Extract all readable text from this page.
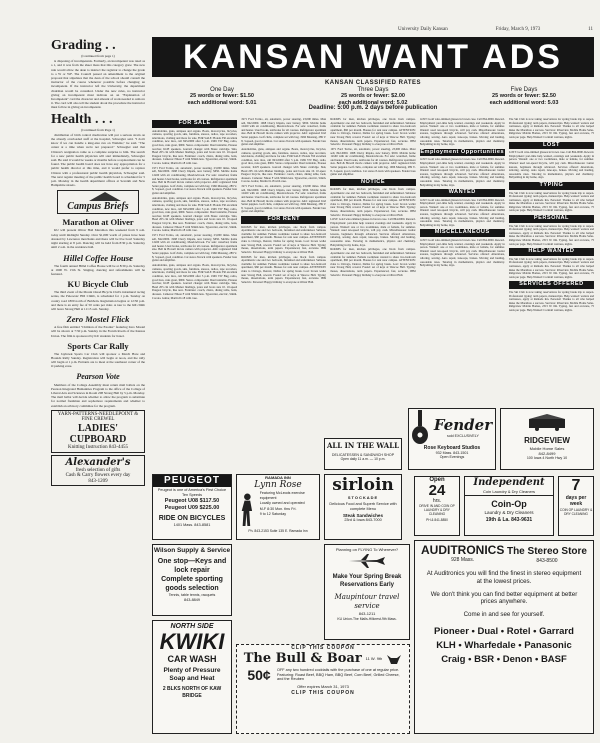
University Daily Kansan	Friday, March 9, 1973	11
Grading . .
(Continued from page 1)

is disposing of incompetents. Formerly, an incompetent was rated as a 1, and it was from the sheer mass that this category grew. The new rule would allow the dean to instruct the registrar to change the grade to a W or WF. The Council passed an amendment to the original proposal that stipulates that the dean of the school should consult the instructor of the course whenever possible before changing an incompetent. If the instructor left the University, the department chairman would be consulted. Under the new rules, no instructor giving an incompetent must indicate on an "Explanation of Incompetent" card the character and amount of work needed to remove it. The card will also tell the student about the procedure the instructor must follow in giving an incompetent.

Health . . .
(Continued from Page 1)

distribution of birth control medication will put a serious strain on the already overloaded staff at the hospital, Schwegler said. "I don't know if we can handle a king-size run on Watkins," he said. "The center at a time when we're not prepared." Schwegler said that Clinton's resignation came as a complete surprise to him. The search for a new public health physician will start immediately, Schwegler said. He said it would be weeks or months before a replacement can be found. The public health board does not have any appropriation for a public health director at this time, and it would prefer to replace Clinton with a professional public health physician, Schwegler said. The next regular meeting of the public health board is scheduled for 5 p.m. Monday in the health department offices at Seventh and New Hampshire streets.

Campus Briefs
Marathon at Oliver

KU will present Oliver Hall Marathon this weekend from 9 a.m. today until midnight Sunday. Over $1,000 worth of prizes have been donated by Lawrence merchants and there will be live bowl Saturday night starting at 8 p.m. Dancing will be held from 8:30 p.m. Saturday until 2 a.m. in the residence hall.

Hillel Coffee House

The fourth annual Hillel Coffee House will be at 8:30 p.m. Saturday at 1600 W. 15th St. Singing, dancing and refreshments will be featured.

KU Bicycle Club

The third event of the Mount Oread Bicycle Club's intramural racing series, the Paleozoic Hill Climb, is scheduled for 1 p.m. Sunday on county road 1800 north of Baldwin. Registration begins at 12:30 p.m. and there is an entry fee of 50 cents per rider. A tour to the hill climb will leave Strong Hall at 11:15 a.m. Sunday.

Zero Mostel Flick

A free film entitled "Children of the Exodus" featuring Zero Mostel will be shown at 7:30 p.m. Sunday in the Forum Room of the Kansas Union. The film is sponsored by KU students for Israel.

Sports Car Rally

The Jayhawk Sports Car Club will sponsor a March Hare and Hounds Rally Sunday. Registration will begin at noon, and the rally will begin at 1 p.m. Entrants are to meet at the southeast corner of the O parking zone.

Pearson Vote

Members of the College Assembly must return mail ballots on the Pearson Integrated Humanities Program to the office of the College of Liberal Arts and Sciences in Room 208 Strong Hall by 5 p.m. Monday. The mail ballot will decide whether to allow the program to substitute for normal freshman and sophomore requirements and whether to establish an advisory committee for the program.

YARN-PATTERNS-NEEDLEPOINT & FINE CREWEL
LADIES'
CUPBOARD
Knitting Instruction 843-4455
Alexander's
fresh selection of gifts
Cash & Carry flowers every day
843-1209
KANSAN WANT ADS
KANSAN CLASSIFIED RATES
One Day
25 words or fewer: $1.50
each additional word: 5.01
Three Days
25 words or fewer: $2.00
each additional word: 5.02
Five Days
25 words or fewer: $2.50
each additional word: 5.03
Deadline: 5:00 p.m. 2 days before publication
FOR SALE

Automobiles, guns, antiques and organs. Boats, motorcycles, bicycles, cameras, sporting goods, skis, furniture, stereos, radios, tape recorders, televisions, clothing and more for sale. FOR SALE: Honda 350 excellent condition, new tires, call 843-0000 after 5 p.m. 1969 VW Bug, radio, good tires, runs great, $900. Stereo components: Dual turntable, Pioneer receiver, KLH speakers. Garrard changer with Shure cartridge. Skis, Head 205 cm with Marker bindings, poles and boots size 10. 10-speed Peugeot bicycle, like new. Furniture: couch, chairs, dining table, beds, dressers. Cameras: Nikon F with 50mm lens. Typewriter, electric, Smith-Corona. Guitar, Martin D-18 with case.

1971 Ford Torino, air, automatic, power steering, 23,000 miles. Must sell, 842-0000. 1968 Chevy Impala, new battery, $650. Mobile home 12x60 with air conditioning, Meadowbrook. For sale: waterbed, frame and heater. Used books, textbooks for all courses. Refrigerator apartment size. Bell & Howell movie camera with projector. AKC registered Irish Setter puppies. Golf clubs, complete set with bag. 1966 Mustang, 289 V-8, 3-speed, good condition. Car stereo 8-track with speakers. Fender bass guitar and amplifier.

Automobiles, guns, antiques and organs. Boats, motorcycles, bicycles, cameras, sporting goods, skis, furniture, stereos, radios, tape recorders, televisions, clothing and more for sale. FOR SALE: Honda 350 excellent condition, new tires, call 843-0000 after 5 p.m. 1969 VW Bug, radio, good tires, runs great, $900. Stereo components: Dual turntable, Pioneer receiver, KLH speakers. Garrard changer with Shure cartridge. Skis, Head 205 cm with Marker bindings, poles and boots size 10. 10-speed Peugeot bicycle, like new. Furniture: couch, chairs, dining table, beds, dressers. Cameras: Nikon F with 50mm lens. Typewriter, electric, Smith-Corona. Guitar, Martin D-18 with case.

1971 Ford Torino, air, automatic, power steering, 23,000 miles. Must sell, 842-0000. 1968 Chevy Impala, new battery, $650. Mobile home 12x60 with air conditioning, Meadowbrook. For sale: waterbed, frame and heater. Used books, textbooks for all courses. Refrigerator apartment size. Bell & Howell movie camera with projector. AKC registered Irish Setter puppies. Golf clubs, complete set with bag. 1966 Mustang, 289 V-8, 3-speed, good condition. Car stereo 8-track with speakers. Fender bass guitar and amplifier.

Automobiles, guns, antiques and organs. Boats, motorcycles, bicycles, cameras, sporting goods, skis, furniture, stereos, radios, tape recorders, televisions, clothing and more for sale. FOR SALE: Honda 350 excellent condition, new tires, call 843-0000 after 5 p.m. 1969 VW Bug, radio, good tires, runs great, $900. Stereo components: Dual turntable, Pioneer receiver, KLH speakers. Garrard changer with Shure cartridge. Skis, Head 205 cm with Marker bindings, poles and boots size 10. 10-speed Peugeot bicycle, like new. Furniture: couch, chairs, dining table, beds, dressers. Cameras: Nikon F with 50mm lens. Typewriter, electric, Smith-Corona. Guitar, Martin D-18 with case.

1971 Ford Torino, air, automatic, power steering, 23,000 miles. Must sell, 842-0000. 1968 Chevy Impala, new battery, $650. Mobile home 12x60 with air conditioning, Meadowbrook. For sale: waterbed, frame and heater. Used books, textbooks for all courses. Refrigerator apartment size. Bell & Howell movie camera with projector. AKC registered Irish Setter puppies. Golf clubs, complete set with bag. 1966 Mustang, 289 V-8, 3-speed, good condition. Car stereo 8-track with speakers. Fender bass guitar and amplifier.

Automobiles, guns, antiques and organs. Boats, motorcycles, bicycles, cameras, sporting goods, skis, furniture, stereos, radios, tape recorders, televisions, clothing and more for sale. FOR SALE: Honda 350 excellent condition, new tires, call 843-0000 after 5 p.m. 1969 VW Bug, radio, good tires, runs great, $900. Stereo components: Dual turntable, Pioneer receiver, KLH speakers. Garrard changer with Shure cartridge. Skis, Head 205 cm with Marker bindings, poles and boots size 10. 10-speed Peugeot bicycle, like new. Furniture: couch, chairs, dining table, beds, dressers. Cameras: Nikon F with 50mm lens. Typewriter, electric, Smith-Corona. Guitar, Martin D-18 with case.

1971 Ford Torino, air, automatic, power steering, 23,000 miles. Must sell, 842-0000. 1968 Chevy Impala, new battery, $650. Mobile home 12x60 with air conditioning, Meadowbrook. For sale: waterbed, frame and heater. Used books, textbooks for all courses. Refrigerator apartment size. Bell & Howell movie camera with projector. AKC registered Irish Setter puppies. Golf clubs, complete set with bag. 1966 Mustang, 289 V-8, 3-speed, good condition. Car stereo 8-track with speakers. Fender bass guitar and amplifier.

FOR RENT

ROOMS for men, kitchen privileges, one block from campus. Apartments: one and two bedroom, furnished and unfurnished. Sublease available for summer. Female roommate wanted to share two-bedroom apartment, $60 per month. Houses for rent near campus. ATTENTION: rides to Chicago, Denver, Dallas for spring break. Lost: brown wallet near Strong Hall, reward. Found: set of keys at Wescoe Hall. Typing: theses, dissertations, term papers. Experienced, fast, accurate. IBM Selectric. Personal: Happy birthday to everyone at Oliver Hall.

ROOMS for men, kitchen privileges, one block from campus. Apartments: one and two bedroom, furnished and unfurnished. Sublease available for summer. Female roommate wanted to share two-bedroom apartment, $60 per month. Houses for rent near campus. ATTENTION: rides to Chicago, Denver, Dallas for spring break. Lost: brown wallet near Strong Hall, reward. Found: set of keys at Wescoe Hall. Typing: theses, dissertations, term papers. Experienced, fast, accurate. IBM Selectric. Personal: Happy birthday to everyone at Oliver Hall.

ROOMS for men, kitchen privileges, one block from campus. Apartments: one and two bedroom, furnished and unfurnished. Sublease available for summer. Female roommate wanted to share two-bedroom apartment, $60 per month. Houses for rent near campus. ATTENTION: rides to Chicago, Denver, Dallas for spring break. Lost: brown wallet near Strong Hall, reward. Found: set of keys at Wescoe Hall. Typing: theses, dissertations, term papers. Experienced, fast, accurate. IBM Selectric. Personal: Happy birthday to everyone at Oliver Hall.

1971 Ford Torino, air, automatic, power steering, 23,000 miles. Must sell, 842-0000. 1968 Chevy Impala, new battery, $650. Mobile home 12x60 with air conditioning, Meadowbrook. For sale: waterbed, frame and heater. Used books, textbooks for all courses. Refrigerator apartment size. Bell & Howell movie camera with projector. AKC registered Irish Setter puppies. Golf clubs, complete set with bag. 1966 Mustang, 289 V-8, 3-speed, good condition. Car stereo 8-track with speakers. Fender bass guitar and amplifier.

NOTICE

ROOMS for men, kitchen privileges, one block from campus. Apartments: one and two bedroom, furnished and unfurnished. Sublease available for summer. Female roommate wanted to share two-bedroom apartment, $60 per month. Houses for rent near campus. ATTENTION: rides to Chicago, Denver, Dallas for spring break. Lost: brown wallet near Strong Hall, reward. Found: set of keys at Wescoe Hall. Typing: theses, dissertations, term papers. Experienced, fast, accurate. IBM Selectric. Personal: Happy birthday to everyone at Oliver Hall.

LOST: Gold wire-rimmed glasses in brown case. Call 864-0000. Reward. Employment: part-time help wanted, evenings and weekends. Apply in person. Wanted: one or two roommates, male or female, for summer. Wanted: used ten-speed bicycle, will pay cash. Miscellaneous: Guitar lessons, beginners through advanced. Services offered: Alterations, tailoring, sewing. Auto repair, tune-ups, brakes. Moving and hauling, reasonable rates. Tutoring in mathematics, physics and chemistry. Babysitting in my home, days.

ROOMS for men, kitchen privileges, one block from campus. Apartments: one and two bedroom, furnished and unfurnished. Sublease available for summer. Female roommate wanted to share two-bedroom apartment, $60 per month. Houses for rent near campus. ATTENTION: rides to Chicago, Denver, Dallas for spring break. Lost: brown wallet near Strong Hall, reward. Found: set of keys at Wescoe Hall. Typing: theses, dissertations, term papers. Experienced, fast, accurate. IBM Selectric. Personal: Happy birthday to everyone at Oliver Hall.

LOST: Gold wire-rimmed glasses in brown case. Call 864-0000. Reward. Employment: part-time help wanted, evenings and weekends. Apply in person. Wanted: one or two roommates, male or female, for summer. Wanted: used ten-speed bicycle, will pay cash. Miscellaneous: Guitar lessons, beginners through advanced. Services offered: Alterations, tailoring, sewing. Auto repair, tune-ups, brakes. Moving and hauling, reasonable rates. Tutoring in mathematics, physics and chemistry. Babysitting in my home, days.

Employment Opportunities

LOST: Gold wire-rimmed glasses in brown case. Call 864-0000. Reward. Employment: part-time help wanted, evenings and weekends. Apply in person. Wanted: one or two roommates, male or female, for summer. Wanted: used ten-speed bicycle, will pay cash. Miscellaneous: Guitar lessons, beginners through advanced. Services offered: Alterations, tailoring, sewing. Auto repair, tune-ups, brakes. Moving and hauling, reasonable rates. Tutoring in mathematics, physics and chemistry. Babysitting in my home, days.

WANTED

LOST: Gold wire-rimmed glasses in brown case. Call 864-0000. Reward. Employment: part-time help wanted, evenings and weekends. Apply in person. Wanted: one or two roommates, male or female, for summer. Wanted: used ten-speed bicycle, will pay cash. Miscellaneous: Guitar lessons, beginners through advanced. Services offered: Alterations, tailoring, sewing. Auto repair, tune-ups, brakes. Moving and hauling, reasonable rates. Tutoring in mathematics, physics and chemistry. Babysitting in my home, days.

MISCELLANEOUS

LOST: Gold wire-rimmed glasses in brown case. Call 864-0000. Reward. Employment: part-time help wanted, evenings and weekends. Apply in person. Wanted: one or two roommates, male or female, for summer. Wanted: used ten-speed bicycle, will pay cash. Miscellaneous: Guitar lessons, beginners through advanced. Services offered: Alterations, tailoring, sewing. Auto repair, tune-ups, brakes. Moving and hauling, reasonable rates. Tutoring in mathematics, physics and chemistry. Babysitting in my home, days.

The Ski Club is now taking reservations for spring break trip to Aspen. Professional typing: term papers, manuscripts. Help wanted: waiters and waitresses, apply at Ramada Inn. Personal: Thanks to all who helped make the Marathon a success. Services: Riverview Mobile Home Sales. Ridgeview Mobile Homes, 2315 W. 6th. Typing, fast and accurate, 75 cents per page. Help Wanted: Cocktail waitress, nights.

LOST

LOST: Gold wire-rimmed glasses in brown case. Call 864-0000. Reward. Employment: part-time help wanted, evenings and weekends. Apply in person. Wanted: one or two roommates, male or female, for summer. Wanted: used ten-speed bicycle, will pay cash. Miscellaneous: Guitar lessons, beginners through advanced. Services offered: Alterations, tailoring, sewing. Auto repair, tune-ups, brakes. Moving and hauling, reasonable rates. Tutoring in mathematics, physics and chemistry. Babysitting in my home, days.

TYPING

The Ski Club is now taking reservations for spring break trip to Aspen. Professional typing: term papers, manuscripts. Help wanted: waiters and waitresses, apply at Ramada Inn. Personal: Thanks to all who helped make the Marathon a success. Services: Riverview Mobile Home Sales. Ridgeview Mobile Homes, 2315 W. 6th. Typing, fast and accurate, 75 cents per page. Help Wanted: Cocktail waitress, nights.

PERSONAL

The Ski Club is now taking reservations for spring break trip to Aspen. Professional typing: term papers, manuscripts. Help wanted: waiters and waitresses, apply at Ramada Inn. Personal: Thanks to all who helped make the Marathon a success. Services: Riverview Mobile Home Sales. Ridgeview Mobile Homes, 2315 W. 6th. Typing, fast and accurate, 75 cents per page. Help Wanted: Cocktail waitress, nights.

HELP WANTED

The Ski Club is now taking reservations for spring break trip to Aspen. Professional typing: term papers, manuscripts. Help wanted: waiters and waitresses, apply at Ramada Inn. Personal: Thanks to all who helped make the Marathon a success. Services: Riverview Mobile Home Sales. Ridgeview Mobile Homes, 2315 W. 6th. Typing, fast and accurate, 75 cents per page. Help Wanted: Cocktail waitress, nights.

SERVICES OFFERED

The Ski Club is now taking reservations for spring break trip to Aspen. Professional typing: term papers, manuscripts. Help wanted: waiters and waitresses, apply at Ramada Inn. Personal: Thanks to all who helped make the Marathon a success. Services: Riverview Mobile Home Sales. Ridgeview Mobile Homes, 2315 W. 6th. Typing, fast and accurate, 75 cents per page. Help Wanted: Cocktail waitress, nights.

PEUGEOT
Peugeot is one of America's First Choice Ten Speeds
Peugeot U08 $117.50
Peugeot U09 $225.00
RIDE ON BICYCLES
1401 Mass. 843-8581
RAMADA INN
Lynn Rose
Featuring McLeods exercise equipment
Locally owned and operated
M-F 8:30 Mon. thru Fri.
9 to 12 Saturday
Ph. 843-2153 Suite 135 E. Ramada Inn
ALL IN THE WALL
DELICATESSEN & SANDWICH SHOP
Open daily 11 a.m. — 10 p.m.
sirloin
STOCKADE
Delicious Food and Superb Service with complete Menu
Steak Sandwiches
23rd & Iowa 843-7000
Fender
sold EXCLUSIVELY
Rose Keyboard Studios
932 Mass. 843-1501
Open Evenings
RIDGEVIEW
Mobile Home Sales
842-8499
100 Iowa 4 North Hwy 10
Wilson Supply & Service
One stop—Keys and lock repair
Complete sporting goods selection
Tennis, table tennis, racquets
843-8849
Planning on FLYING To Wherever?
Make Your Spring Break Reservations Early
Maupintour travel service
843-1211
KU Union-The Malls-Hillcrest-9th Mass.
Open
24
hrs.
DRIVE IN AND COIN OP LAUNDRY & DRY CLEANING
PH & 841-8850
Independent
Coin Laundry & Dry Cleaners
Coin-Op
Laundry & Dry Cleaners
19th & La. 843-9631
7
days per week
COIN OP LAUNDRY & DRY CLEANING
NORTH SIDE
KWIKI
CAR WASH
Plenty of Pressure Soap and Heat
2 BLKS NORTH OF KAW BRIDGE
CLIP THIS COUPON
The Bull & Boar 11 W. 9th
50¢	OFF any two hundred cocktails with the purchase of one at regular price. Featuring: Roast Beef, BBQ Ham, BBQ Beef, Corn Beef, Grilled Cheese, and the Reuben
Offer expires March 31, 1973
CLIP THIS COUPON
AUDITRONICS
928 Mass.
The Stereo Store
843-8500
At Auditronics you will find the finest in stereo equipment at the lowest prices.
We don't think you can find better equipment at better prices anywhere.
Come in and see for yourself.
Pioneer • Dual • Rotel • Garrard
KLH • Wharfedale • Panasonic
Craig • BSR • Denon • BASF
